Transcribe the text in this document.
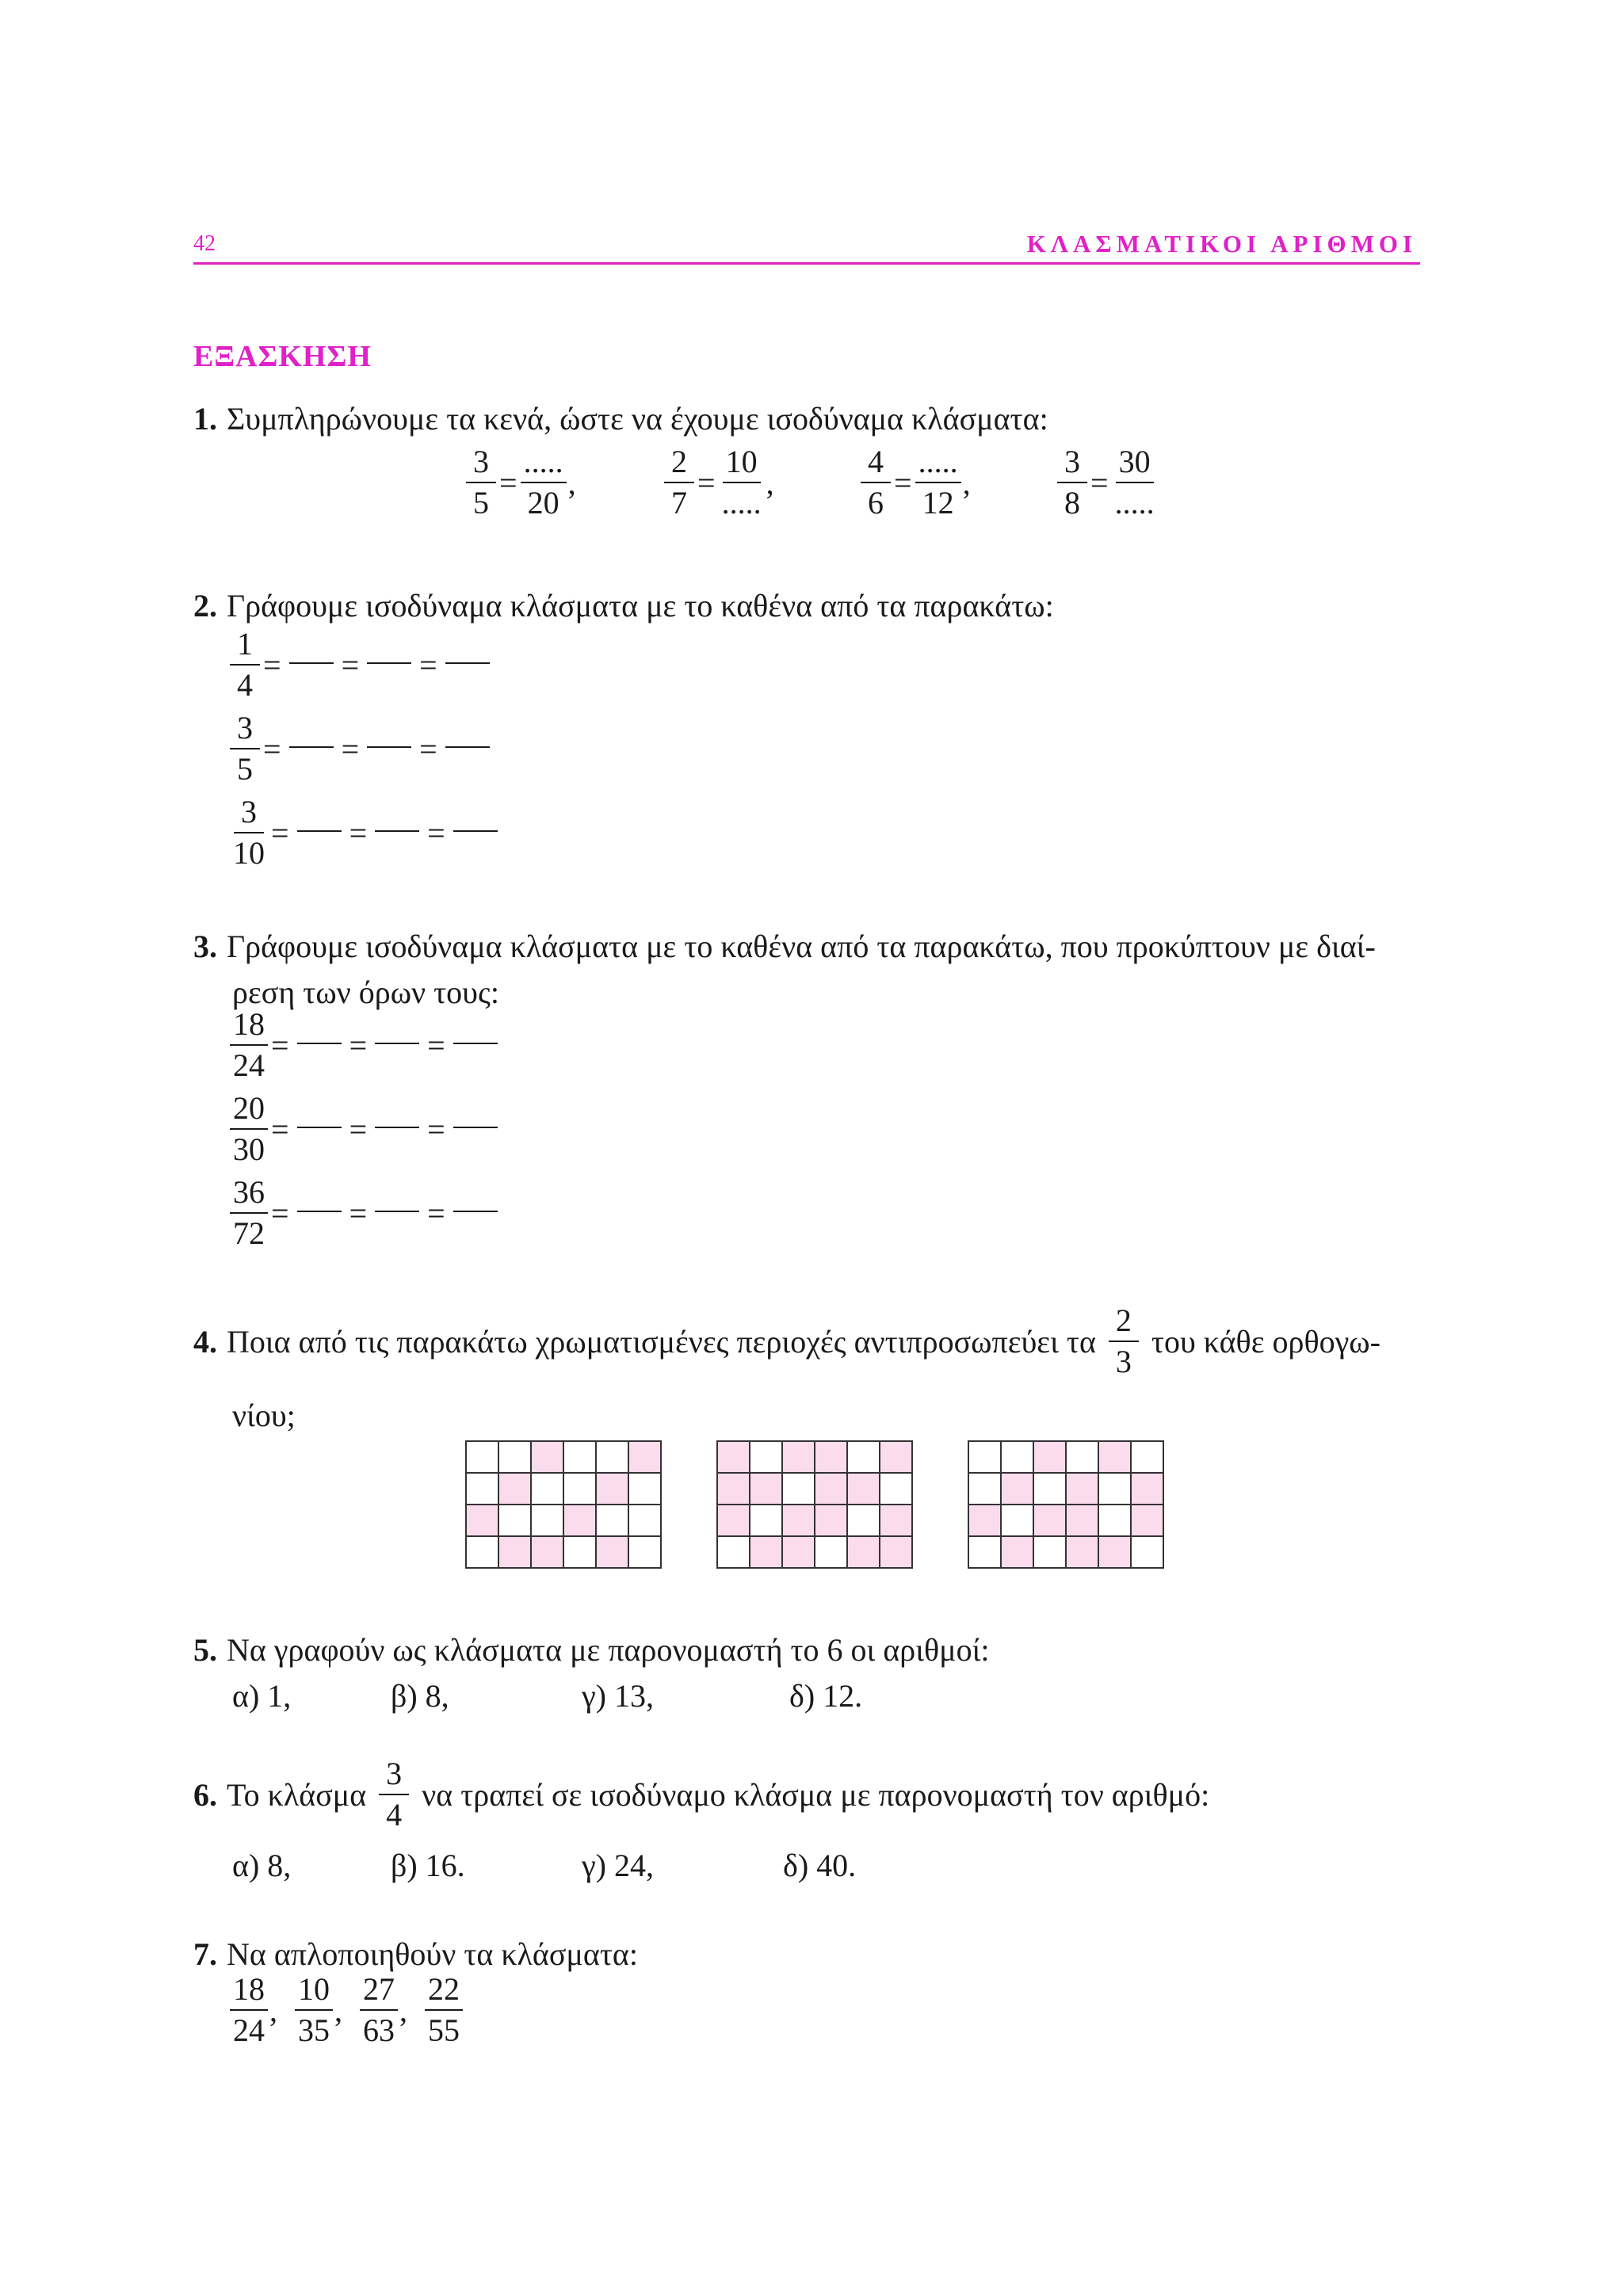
42	ΚΛΑΣΜΑΤΙΚΟΙ ΑΡΙΘΜΟΙ
ΕΞΑΣΚΗΣΗ
1. Συμπληρώνουμε τα κενά, ώστε να έχουμε ισοδύναμα κλάσματα:
$\frac{3}{5} = \frac{.....}{20}$ ,	$\frac{2}{7} = \frac{10}{.....}$ ,	$\frac{4}{6} = \frac{.....}{12}$ ,	$\frac{3}{8} = \frac{30}{.....}$
2. Γράφουμε ισοδύναμα κλάσματα με το καθένα από τα παρακάτω:
$\frac{1}{4}$ = = =
$\frac{3}{5}$ = = =
$\frac{3}{10}$ = = =
3. Γράφουμε ισοδύναμα κλάσματα με το καθένα από τα παρακάτω, που προκύπτουν με διαί-
ρεση των όρων τους:
$\frac{18}{24}$ = = =
$\frac{20}{30}$ = = =
$\frac{36}{72}$ = = =
4. Ποια από τις παρακάτω χρωματισμένες περιοχές αντιπροσωπεύει τα $\frac{2}{3}$ του κάθε ορθογω-
νίου;

5. Να γραφούν ως κλάσματα με παρονομαστή το 6 οι αριθμοί:
α) 1,	β) 8,	γ) 13,	δ) 12.
6. Το κλάσμα $\frac{3}{4}$ να τραπεί σε ισοδύναμο κλάσμα με παρονομαστή τον αριθμό:
α) 8,	β) 16.	γ) 24,	δ) 40.
7. Να απλοποιηθούν τα κλάσματα:
$\frac{18}{24}$ , $\frac{10}{35}$ , $\frac{27}{63}$ , $\frac{22}{55}$
